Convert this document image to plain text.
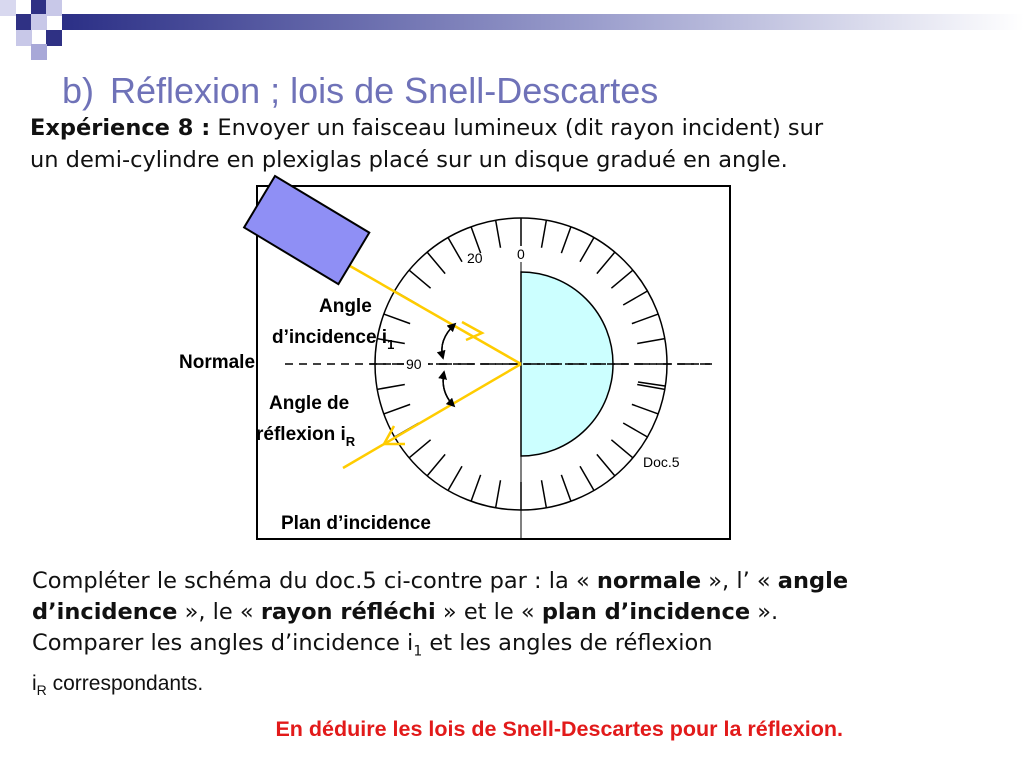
b) Réflexion ; lois de Snell-Descartes
Expérience 8 : Envoyer un faisceau lumineux (dit rayon incident) sur
un demi-cylindre en plexiglas placé sur un disque gradué en angle.
0
20
90
Normale
Angle
d’incidence $i_1$
Angle de
réflexion $i_R$
Doc.5
Plan d’incidence
Compléter le schéma du doc.5 ci-contre par : la « normale », l’ « angle
d’incidence », le « rayon réfléchi » et le « plan d’incidence ».
Comparer les angles d’incidence $i_1$ et les angles de réflexion
$i_R$ correspondants.
En déduire les lois de Snell-Descartes pour la réflexion.
